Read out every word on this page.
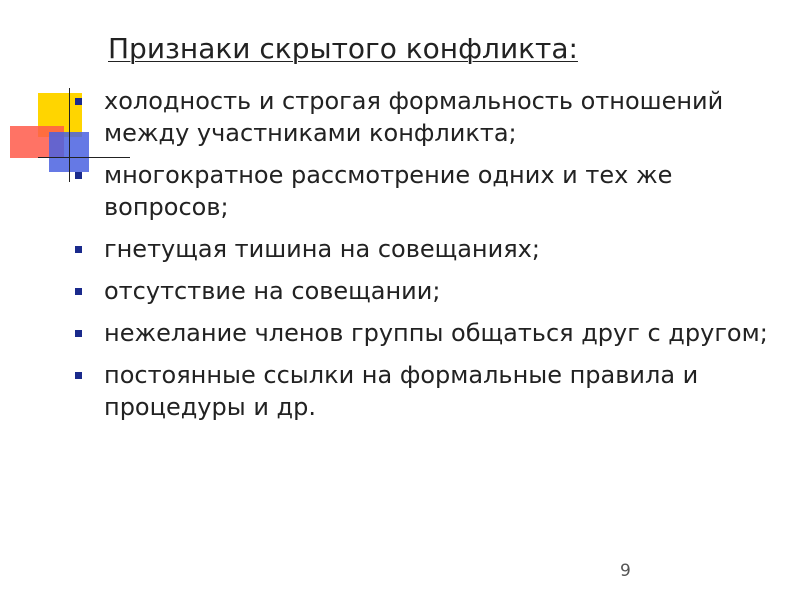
Признаки скрытого конфликта:
холодность и строгая формальность отношений между участниками конфликта;
многократное рассмотрение одних и тех же вопросов;
гнетущая тишина на совещаниях;
отсутствие на совещании;
нежелание членов группы общаться друг с другом;
постоянные ссылки на формальные правила и процедуры и др.
9
